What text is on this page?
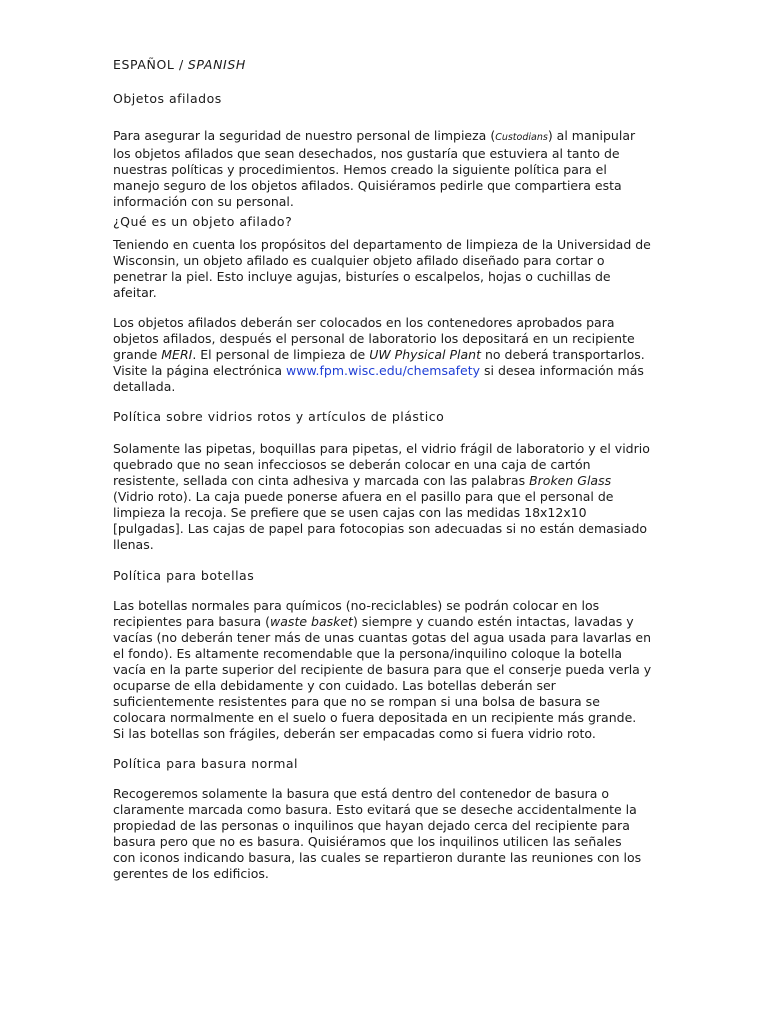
ESPAÑOL / SPANISH
Objetos afilados

Para asegurar la seguridad de nuestro personal de limpieza (Custodians) al manipular
los objetos afilados que sean desechados, nos gustaría que estuviera al tanto de
nuestras políticas y procedimientos. Hemos creado la siguiente política para el
manejo seguro de los objetos afilados. Quisiéramos pedirle que compartiera esta
información con su personal.

¿Qué es un objeto afilado?

Teniendo en cuenta los propósitos del departamento de limpieza de la Universidad de
Wisconsin, un objeto afilado es cualquier objeto afilado diseñado para cortar o
penetrar la piel. Esto incluye agujas, bisturíes o escalpelos, hojas o cuchillas de
afeitar.

Los objetos afilados deberán ser colocados en los contenedores aprobados para
objetos afilados, después el personal de laboratorio los depositará en un recipiente
grande MERI. El personal de limpieza de UW Physical Plant no deberá transportarlos.
Visite la página electrónica www.fpm.wisc.edu/chemsafety si desea información más
detallada.

Política sobre vidrios rotos y artículos de plástico

Solamente las pipetas, boquillas para pipetas, el vidrio frágil de laboratorio y el vidrio
quebrado que no sean infecciosos se deberán colocar en una caja de cartón
resistente, sellada con cinta adhesiva y marcada con las palabras Broken Glass
(Vidrio roto). La caja puede ponerse afuera en el pasillo para que el personal de
limpieza la recoja. Se prefiere que se usen cajas con las medidas 18x12x10
[pulgadas]. Las cajas de papel para fotocopias son adecuadas si no están demasiado
llenas.

Política para botellas

Las botellas normales para químicos (no-reciclables) se podrán colocar en los
recipientes para basura (waste basket) siempre y cuando estén intactas, lavadas y
vacías (no deberán tener más de unas cuantas gotas del agua usada para lavarlas en
el fondo). Es altamente recomendable que la persona/inquilino coloque la botella
vacía en la parte superior del recipiente de basura para que el conserje pueda verla y
ocuparse de ella debidamente y con cuidado. Las botellas deberán ser
suficientemente resistentes para que no se rompan si una bolsa de basura se
colocara normalmente en el suelo o fuera depositada en un recipiente más grande.
Si las botellas son frágiles, deberán ser empacadas como si fuera vidrio roto.

Política para basura normal

Recogeremos solamente la basura que está dentro del contenedor de basura o
claramente marcada como basura. Esto evitará que se deseche accidentalmente la
propiedad de las personas o inquilinos que hayan dejado cerca del recipiente para
basura pero que no es basura. Quisiéramos que los inquilinos utilicen las señales
con iconos indicando basura, las cuales se repartieron durante las reuniones con los
gerentes de los edificios.
